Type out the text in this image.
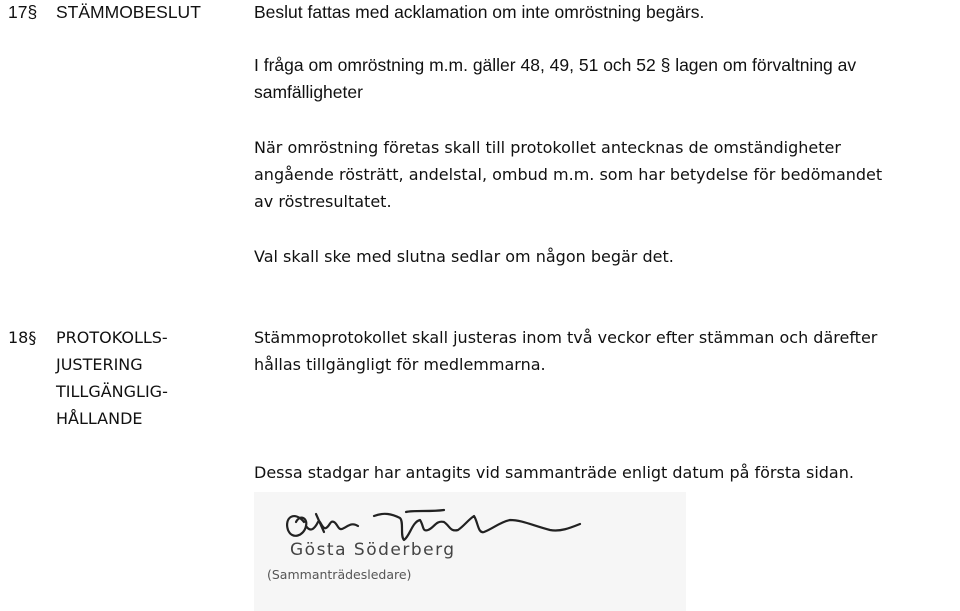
17§ STÄMMOBESLUT	Beslut fattas med acklamation om inte omröstning begärs.
I fråga om omröstning m.m. gäller 48, 49, 51 och 52 § lagen om förvaltning av
samfälligheter
När omröstning företas skall till protokollet antecknas de omständigheter
angående rösträtt, andelstal, ombud m.m. som har betydelse för bedömandet
av röstresultatet.
Val skall ske med slutna sedlar om någon begär det.
18§ PROTOKOLLS-
JUSTERING
TILLGÄNGLIG-
HÅLLANDE
Stämmoprotokollet skall justeras inom två veckor efter stämman och därefter
hållas tillgängligt för medlemmarna.
Dessa stadgar har antagits vid sammanträde enligt datum på första sidan.
Gösta Söderberg
(Sammanträdesledare)
